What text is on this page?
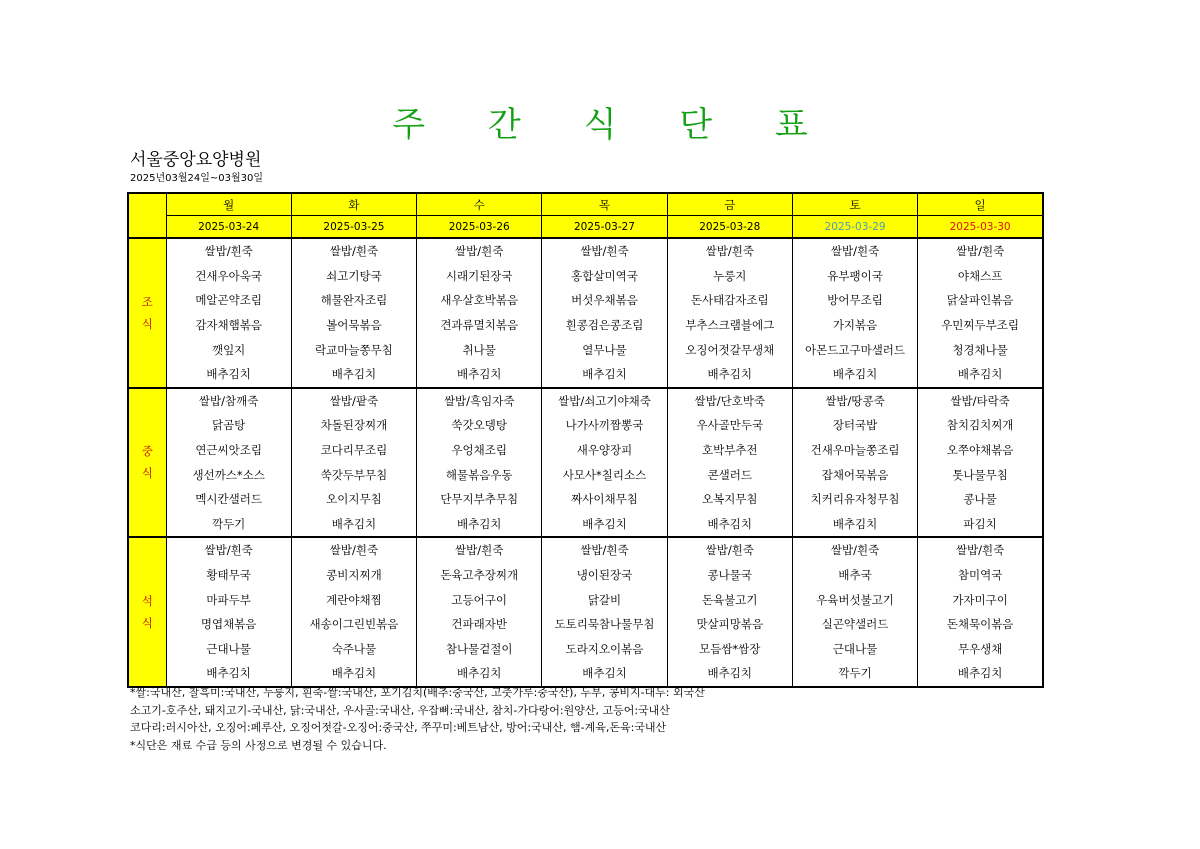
주 간 식 단 표
서울중앙요양병원
2025년03월24일~03월30일
	월	화	수	목	금	토	일
	2025-03-24	2025-03-25	2025-03-26	2025-03-27	2025-03-28	2025-03-29	2025-03-30
조식	쌀밥/흰죽	쌀밥/흰죽	쌀밥/흰죽	쌀밥/흰죽	쌀밥/흰죽	쌀밥/흰죽	쌀밥/흰죽
	건새우아욱국	쇠고기탕국	시래기된장국	홍합살미역국	누룽지	유부팽이국	야채스프
	메알곤약조림	해물완자조림	새우살호박볶음	버섯우채볶음	돈사태감자조림	방어무조림	닭살파인볶음
	감자채햄볶음	볼어묵볶음	견과류멸치볶음	흰콩검은콩조림	부추스크램블에그	가지볶음	우민찌두부조림
	깻잎지	락교마늘쫑무침	취나물	열무나물	오징어젓갈무생채	아몬드고구마샐러드	청경채나물
	배추김치	배추김치	배추김치	배추김치	배추김치	배추김치	배추김치
중식	쌀밥/참깨죽	쌀밥/팥죽	쌀밥/흑임자죽	쌀밥/쇠고기야채죽	쌀밥/단호박죽	쌀밥/땅콩죽	쌀밥/타락죽
	닭곰탕	차돌된장찌개	쑥갓오뎅탕	나가사끼짬뽕국	우사골만두국	장터국밥	참치김치찌개
	연근씨앗조림	코다리무조림	우엉채조림	새우양장피	호박부추전	건새우마늘쫑조림	오쭈야채볶음
	생선까스*소스	쑥갓두부무침	해물볶음우동	사모사*칠리소스	콘샐러드	잡채어묵볶음	톳나물무침
	멕시칸샐러드	오이지무침	단무지부추무침	짜사이채무침	오복지무침	치커리유자청무침	콩나물
	깍두기	배추김치	배추김치	배추김치	배추김치	배추김치	파김치
석식	쌀밥/흰죽	쌀밥/흰죽	쌀밥/흰죽	쌀밥/흰죽	쌀밥/흰죽	쌀밥/흰죽	쌀밥/흰죽
	황태무국	콩비지찌개	돈육고추장찌개	냉이된장국	콩나물국	배추국	참미역국
	마파두부	계란야채찜	고등어구이	닭갈비	돈육불고기	우육버섯불고기	가자미구이
	명엽채볶음	새송이그린빈볶음	건파래자반	도토리묵참나물무침	맛살피망볶음	실곤약샐러드	돈채묵이볶음
	근대나물	숙주나물	참나물겉절이	도라지오이볶음	모듬쌈*쌈장	근대나물	무우생채
	배추김치	배추김치	배추김치	배추김치	배추김치	깍두기	배추김치
*쌀:국내산, 찰흑미:국내산, 누룽지, 흰죽-쌀:국내산, 포기김치(배추:중국산, 고춧가루:중국산), 두부, 콩비지-대두: 외국산
소고기-호주산, 돼지고기-국내산, 닭:국내산, 우사골:국내산, 우잡뼈:국내산, 참치-가다랑어:원양산, 고등어:국내산
코다리:러시아산, 오징어:페루산, 오징어젓갈-오징어:중국산, 쭈꾸미:베트남산, 방어:국내산, 햄-계육,돈육:국내산
*식단은 재료 수급 등의 사정으로 변경될 수 있습니다.
